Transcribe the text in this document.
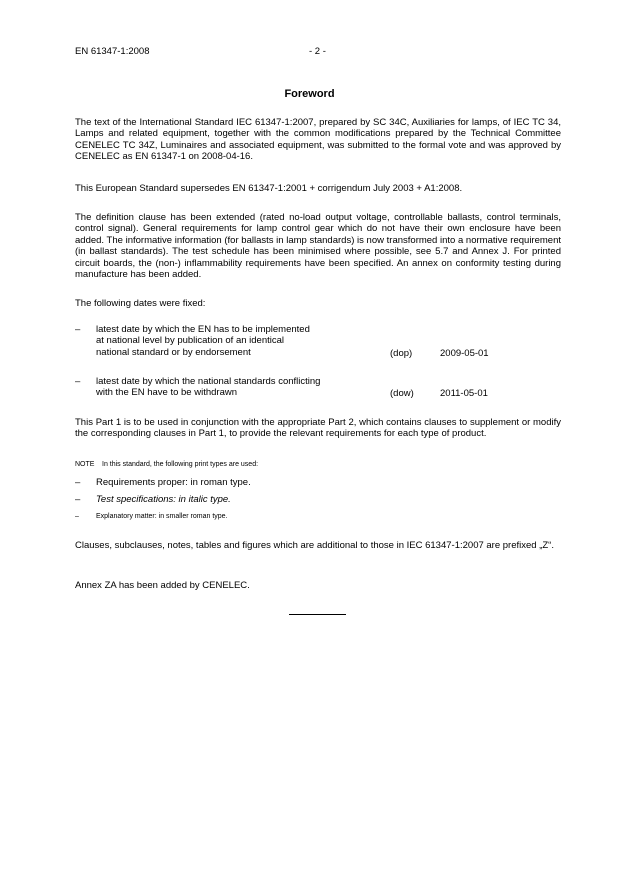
EN 61347-1:2008	- 2 -
Foreword

The text of the International Standard IEC 61347-1:2007, prepared by SC 34C, Auxiliaries for lamps, of IEC TC 34, Lamps and related equipment, together with the common modifications prepared by the Technical Committee CENELEC TC 34Z, Luminaires and associated equipment, was submitted to the formal vote and was approved by CENELEC as EN 61347-1 on 2008-04-16.

This European Standard supersedes EN 61347-1:2001 + corrigendum July 2003 + A1:2008.

The definition clause has been extended (rated no-load output voltage, controllable ballasts, control terminals, control signal). General requirements for lamp control gear which do not have their own enclosure have been added. The informative information (for ballasts in lamp standards) is now transformed into a normative requirement (in ballast standards). The test schedule has been minimised where possible, see 5.7 and Annex J. For printed circuit boards, the (non-) inflammability requirements have been specified. An annex on conformity testing during manufacture has been added.

The following dates were fixed:

– latest date by which the EN has to be implemented
at national level by publication of an identical
national standard or by endorsement	(dop)	2009-05-01
– latest date by which the national standards conflicting
with the EN have to be withdrawn	(dow)	2011-05-01

This Part 1 is to be used in conjunction with the appropriate Part 2, which contains clauses to supplement or modify the corresponding clauses in Part 1, to provide the relevant requirements for each type of product.

NOTE In this standard, the following print types are used:
– Requirements proper: in roman type.
– Test specifications: in italic type.
– Explanatory matter: in smaller roman type.

Clauses, subclauses, notes, tables and figures which are additional to those in IEC 61347-1:2007 are prefixed „Z“.

Annex ZA has been added by CENELEC.
